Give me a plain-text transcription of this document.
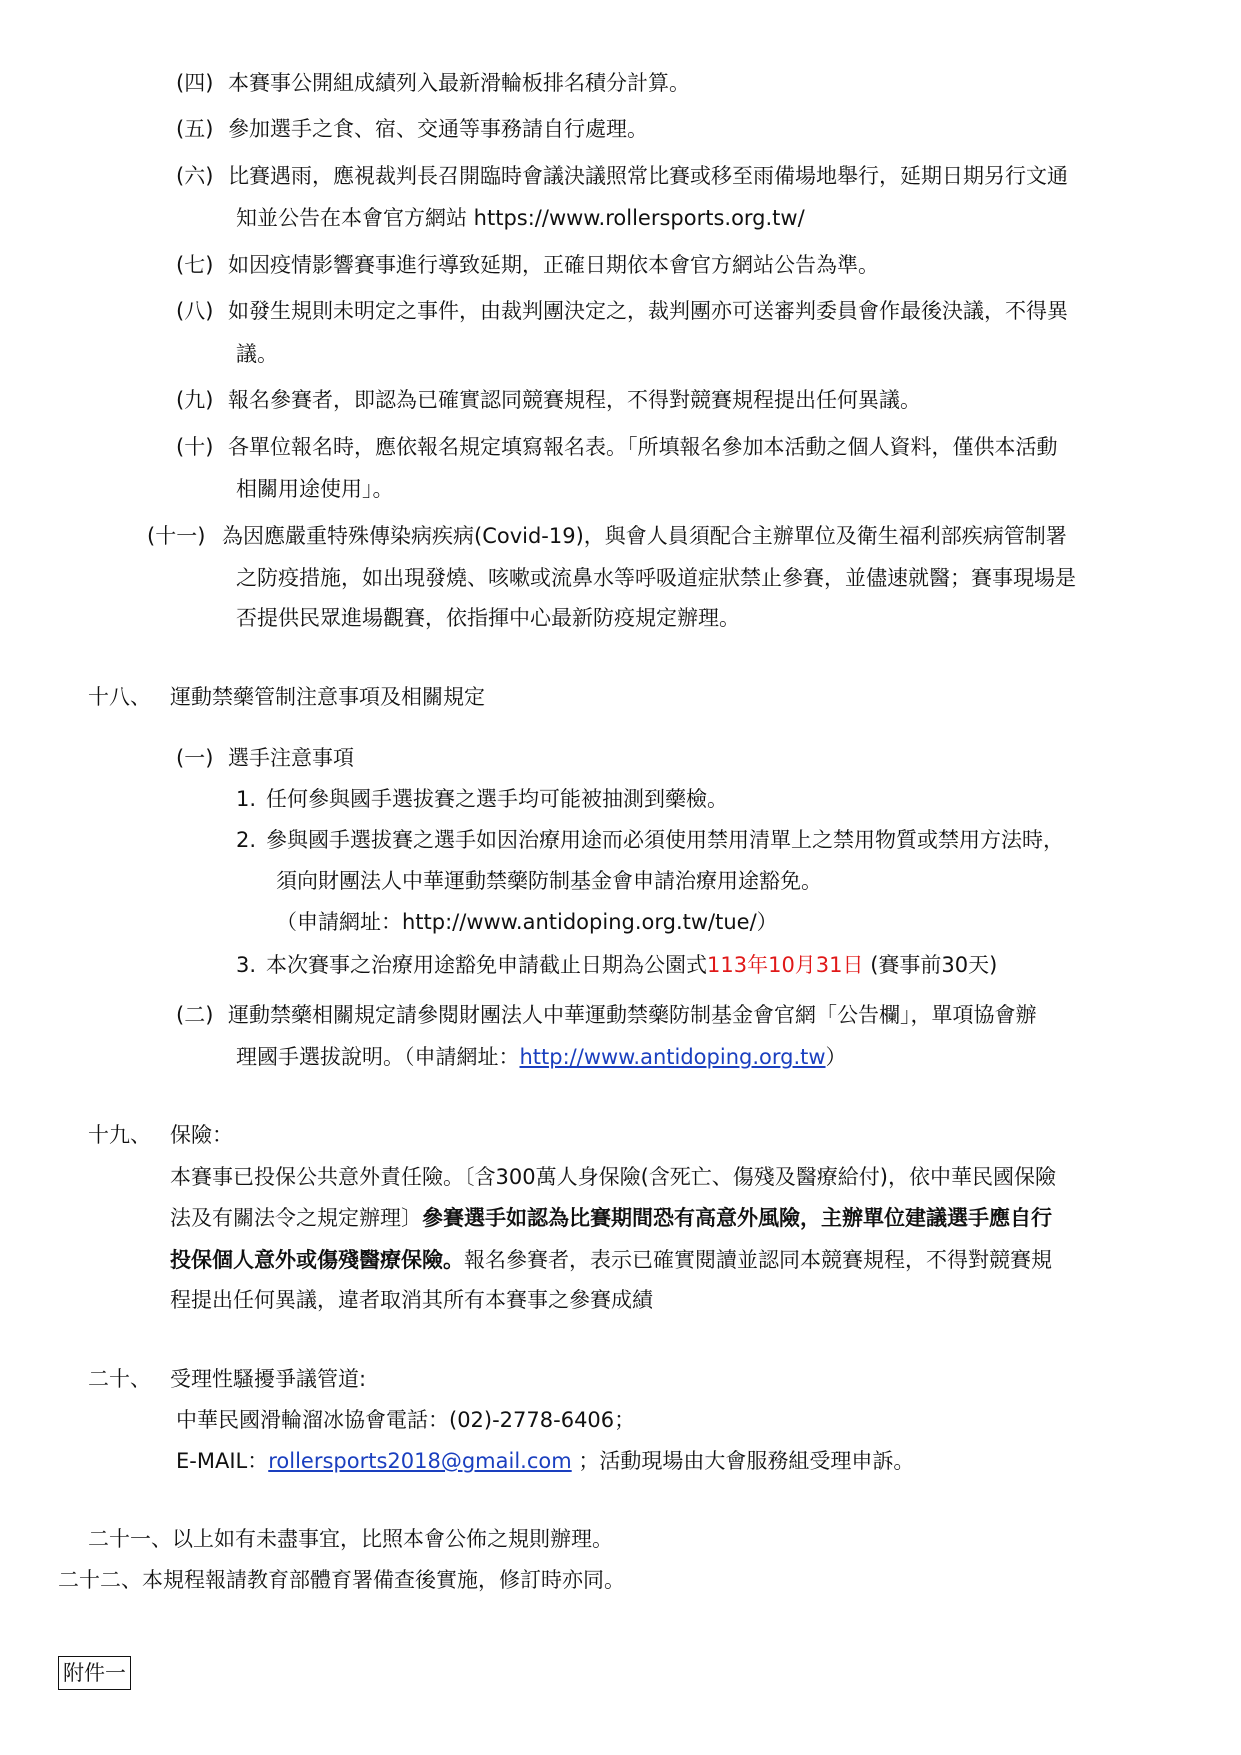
(四) 本賽事公開組成績列入最新滑輪板排名積分計算。
(五) 參加選手之食、宿、交通等事務請自行處理。
(六) 比賽遇雨，應視裁判長召開臨時會議決議照常比賽或移至雨備場地舉行，延期日期另行文通
知並公告在本會官方網站 https://www.rollersports.org.tw/
(七) 如因疫情影響賽事進行導致延期，正確日期依本會官方網站公告為準。
(八) 如發生規則未明定之事件，由裁判團決定之，裁判團亦可送審判委員會作最後決議，不得異
議。
(九) 報名參賽者，即認為已確實認同競賽規程，不得對競賽規程提出任何異議。
(十) 各單位報名時，應依報名規定填寫報名表。「所填報名參加本活動之個人資料，僅供本活動
相關用途使用」。
(十一) 為因應嚴重特殊傳染病疾病(Covid-19)，與會人員須配合主辦單位及衛生福利部疾病管制署
之防疫措施，如出現發燒、咳嗽或流鼻水等呼吸道症狀禁止參賽，並儘速就醫；賽事現場是
否提供民眾進場觀賽，依指揮中心最新防疫規定辦理。
十八、 運動禁藥管制注意事項及相關規定
(一) 選手注意事項
1. 任何參與國手選拔賽之選手均可能被抽測到藥檢。
2. 參與國手選拔賽之選手如因治療用途而必須使用禁用清單上之禁用物質或禁用方法時，
須向財團法人中華運動禁藥防制基金會申請治療用途豁免。
（申請網址：http://www.antidoping.org.tw/tue/）
3. 本次賽事之治療用途豁免申請截止日期為公園式113年10月31日 (賽事前30天)
(二) 運動禁藥相關規定請參閱財團法人中華運動禁藥防制基金會官網「公告欄」，單項協會辦
理國手選拔說明。（申請網址：http://www.antidoping.org.tw）
十九、 保險：
本賽事已投保公共意外責任險。〔含300萬人身保險(含死亡、傷殘及醫療給付)，依中華民國保險
法及有關法令之規定辦理〕參賽選手如認為比賽期間恐有高意外風險，主辦單位建議選手應自行
投保個人意外或傷殘醫療保險。報名參賽者，表示已確實閱讀並認同本競賽規程，不得對競賽規
程提出任何異議，違者取消其所有本賽事之參賽成績
二十、 受理性騷擾爭議管道:
中華民國滑輪溜冰協會電話：(02)-2778-6406；
E-MAIL：rollersports2018@gmail.com ；活動現場由大會服務組受理申訴。
二十一、以上如有未盡事宜，比照本會公佈之規則辦理。
二十二、本規程報請教育部體育署備查後實施，修訂時亦同。
附件一
